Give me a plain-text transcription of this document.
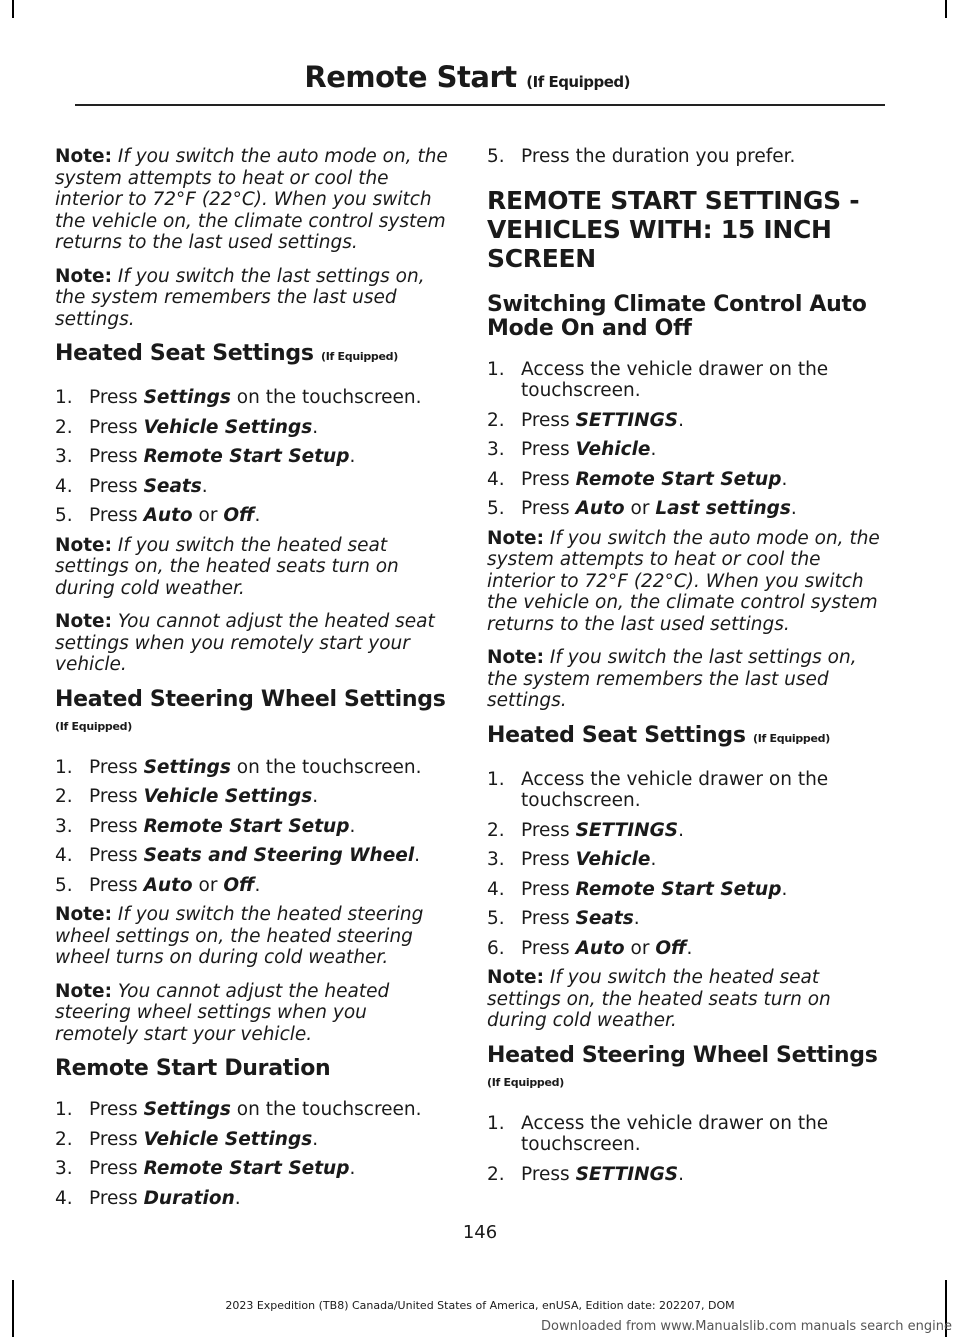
Remote Start (If Equipped)

Note: If you switch the auto mode on, the system attempts to heat or cool the interior to 72°F (22°C). When you switch the vehicle on, the climate control system returns to the last used settings.

Note: If you switch the last settings on, the system remembers the last used settings.

Heated Seat Settings (If Equipped)
1. Press Settings on the touchscreen.
2. Press Vehicle Settings.
3. Press Remote Start Setup.
4. Press Seats.
5. Press Auto or Off.

Note: If you switch the heated seat settings on, the heated seats turn on during cold weather.

Note: You cannot adjust the heated seat settings when you remotely start your vehicle.

Heated Steering Wheel Settings (If Equipped)
1. Press Settings on the touchscreen.
2. Press Vehicle Settings.
3. Press Remote Start Setup.
4. Press Seats and Steering Wheel.
5. Press Auto or Off.

Note: If you switch the heated steering wheel settings on, the heated steering wheel turns on during cold weather.

Note: You cannot adjust the heated steering wheel settings when you remotely start your vehicle.

Remote Start Duration
1. Press Settings on the touchscreen.
2. Press Vehicle Settings.
3. Press Remote Start Setup.
4. Press Duration.
5. Press the duration you prefer.
REMOTE START SETTINGS - VEHICLES WITH: 15 INCH SCREEN
Switching Climate Control Auto Mode On and Off
1. Access the vehicle drawer on the touchscreen.
2. Press SETTINGS.
3. Press Vehicle.
4. Press Remote Start Setup.
5. Press Auto or Last settings.

Note: If you switch the auto mode on, the system attempts to heat or cool the interior to 72°F (22°C). When you switch the vehicle on, the climate control system returns to the last used settings.

Note: If you switch the last settings on, the system remembers the last used settings.

Heated Seat Settings (If Equipped)
1. Access the vehicle drawer on the touchscreen.
2. Press SETTINGS.
3. Press Vehicle.
4. Press Remote Start Setup.
5. Press Seats.
6. Press Auto or Off.

Note: If you switch the heated seat settings on, the heated seats turn on during cold weather.

Heated Steering Wheel Settings (If Equipped)
1. Access the vehicle drawer on the touchscreen.
2. Press SETTINGS.
146
2023 Expedition (TB8) Canada/United States of America, enUSA, Edition date: 202207, DOM
Downloaded from www.Manualslib.com manuals search engine
